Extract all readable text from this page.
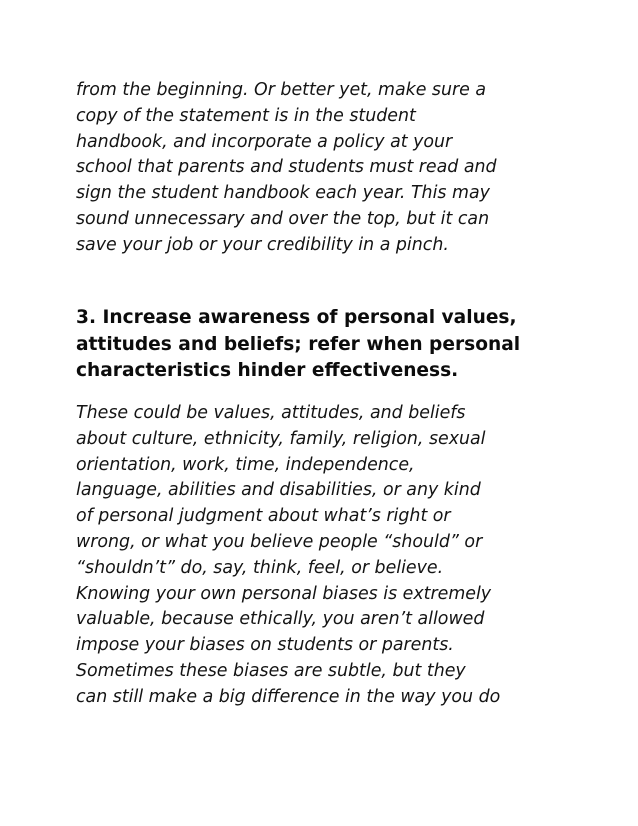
from the beginning. Or better yet, make sure a
copy of the statement is in the student
handbook, and incorporate a policy at your
school that parents and students must read and
sign the student handbook each year. This may
sound unnecessary and over the top, but it can
save your job or your credibility in a pinch.

3. Increase awareness of personal values,
attitudes and beliefs; refer when personal
characteristics hinder effectiveness.

These could be values, attitudes, and beliefs
about culture, ethnicity, family, religion, sexual
orientation, work, time, independence,
language, abilities and disabilities, or any kind
of personal judgment about what’s right or
wrong, or what you believe people “should” or
“shouldn’t” do, say, think, feel, or believe.
Knowing your own personal biases is extremely
valuable, because ethically, you aren’t allowed
impose your biases on students or parents.
Sometimes these biases are subtle, but they
can still make a big difference in the way you do
